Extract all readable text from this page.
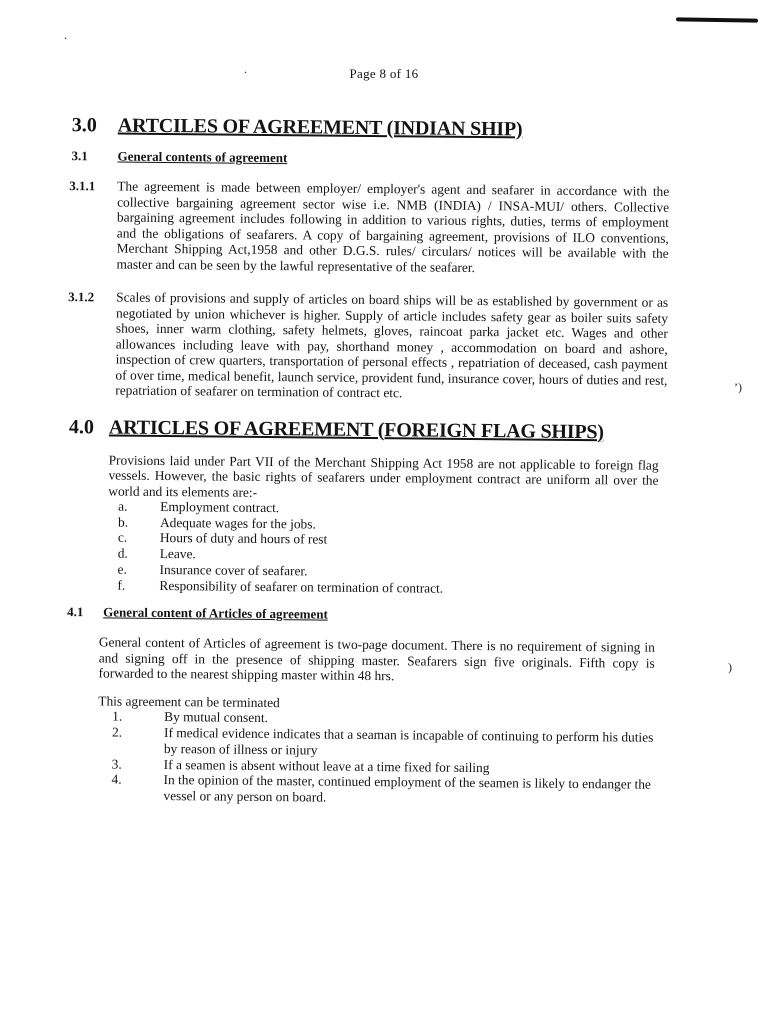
.
.
’)
)
Page 8 of 16
3.0 ARTCILES OF AGREEMENT (INDIAN SHIP)
3.1 General contents of agreement
3.1.1 The agreement is made between employer/ employer's agent and seafarer in accordance with the collective bargaining agreement sector wise i.e. NMB (INDIA) / INSA-MUI/ others. Collective bargaining agreement includes following in addition to various rights, duties, terms of employment and the obligations of seafarers. A copy of bargaining agreement, provisions of ILO conventions, Merchant Shipping Act,1958 and other D.G.S. rules/ circulars/ notices will be available with the master and can be seen by the lawful representative of the seafarer.
3.1.2 Scales of provisions and supply of articles on board ships will be as established by government or as negotiated by union whichever is higher. Supply of article includes safety gear as boiler suits safety shoes, inner warm clothing, safety helmets, gloves, raincoat parka jacket etc. Wages and other allowances including leave with pay, shorthand money , accommodation on board and ashore, inspection of crew quarters, transportation of personal effects , repatriation of deceased, cash payment of over time, medical benefit, launch service, provident fund, insurance cover, hours of duties and rest, repatriation of seafarer on termination of contract etc.
4.0 ARTICLES OF AGREEMENT (FOREIGN FLAG SHIPS)
Provisions laid under Part VII of the Merchant Shipping Act 1958 are not applicable to foreign flag vessels. However, the basic rights of seafarers under employment contract are uniform all over the world and its elements are:-
a. Employment contract.
b. Adequate wages for the jobs.
c. Hours of duty and hours of rest
d. Leave.
e. Insurance cover of seafarer.
f.	Responsibility of seafarer on termination of contract.
4.1 General content of Articles of agreement
General content of Articles of agreement is two-page document. There is no requirement of signing in and signing off in the presence of shipping master. Seafarers sign five originals. Fifth copy is forwarded to the nearest shipping master within 48 hrs.
This agreement can be terminated
1.	By mutual consent.
2.	If medical evidence indicates that a seaman is incapable of continuing to perform his duties by reason of illness or injury
3.	If a seamen is absent without leave at a time fixed for sailing
4.	In the opinion of the master, continued employment of the seamen is likely to endanger the vessel or any person on board.
